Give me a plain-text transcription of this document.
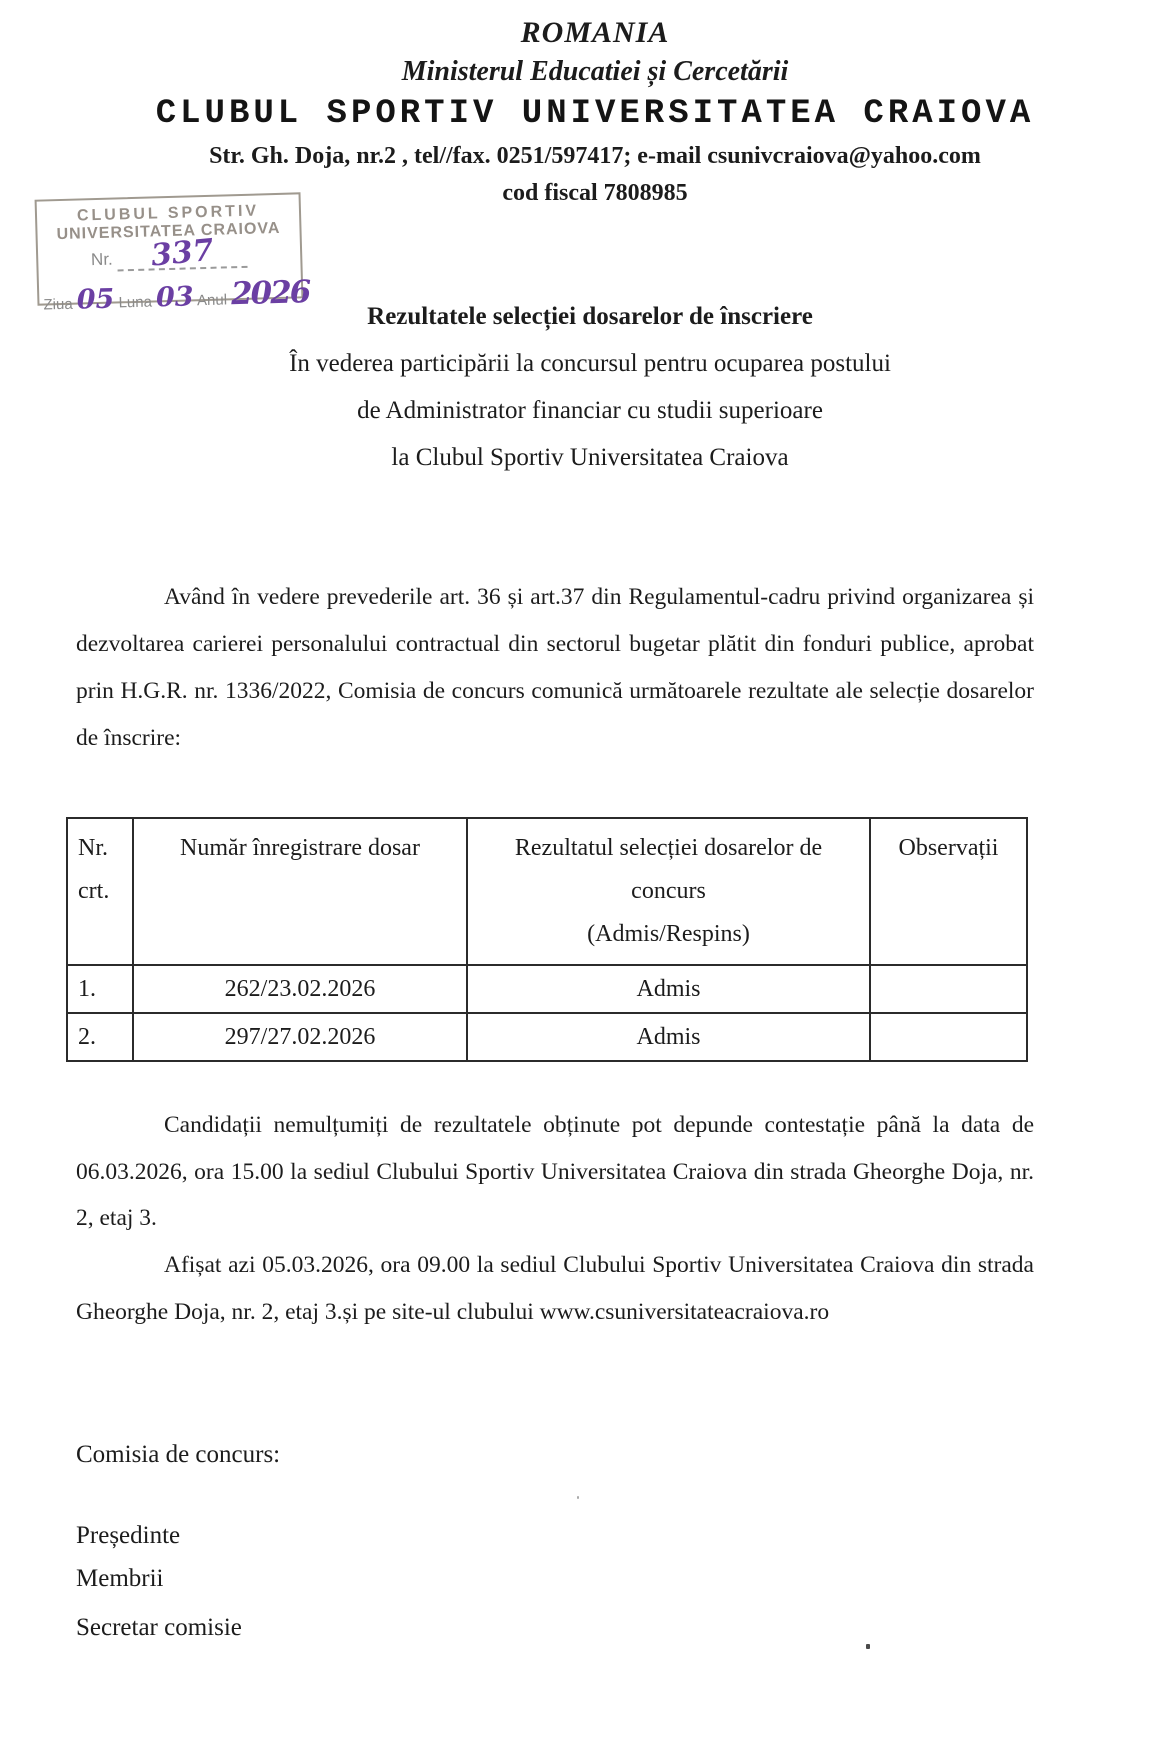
ROMANIA
Ministerul Educatiei și Cercetării
CLUBUL SPORTIV UNIVERSITATEA CRAIOVA
Str. Gh. Doja, nr.2 , tel//fax. 0251/597417; e-mail csunivcraiova@yahoo.com
cod fiscal 7808985
CLUBUL SPORTIV
UNIVERSITATEA CRAIOVA
Nr. 337
Ziua 05 Luna 03 Anul 2026
Rezultatele selecției dosarelor de înscriere
În vederea participării la concursul pentru ocuparea postului
de Administrator financiar cu studii superioare
la Clubul Sportiv Universitatea Craiova

Având în vedere prevederile art. 36 și art.37 din Regulamentul-cadru privind organizarea și dezvoltarea carierei personalului contractual din sectorul bugetar plătit din fonduri publice, aprobat prin H.G.R. nr. 1336/2022, Comisia de concurs comunică următoarele rezultate ale selecție dosarelor de înscrire:

Nr.
crt.	Număr înregistrare dosar	Rezultatul selecției dosarelor de
concurs
(Admis/Respins)	Observații

1.	262/23.02.2026	Admis	
2.	297/27.02.2026	Admis	

Candidații nemulțumiți de rezultatele obținute pot depunde contestație până la data de 06.03.2026, ora 15.00 la sediul Clubului Sportiv Universitatea Craiova din strada Gheorghe Doja, nr. 2, etaj 3.

Afișat azi 05.03.2026, ora 09.00 la sediul Clubului Sportiv Universitatea Craiova din strada Gheorghe Doja, nr. 2, etaj 3.și pe site-ul clubului www.csuniversitateacraiova.ro

Comisia de concurs:
Președinte
Membrii
Secretar comisie
